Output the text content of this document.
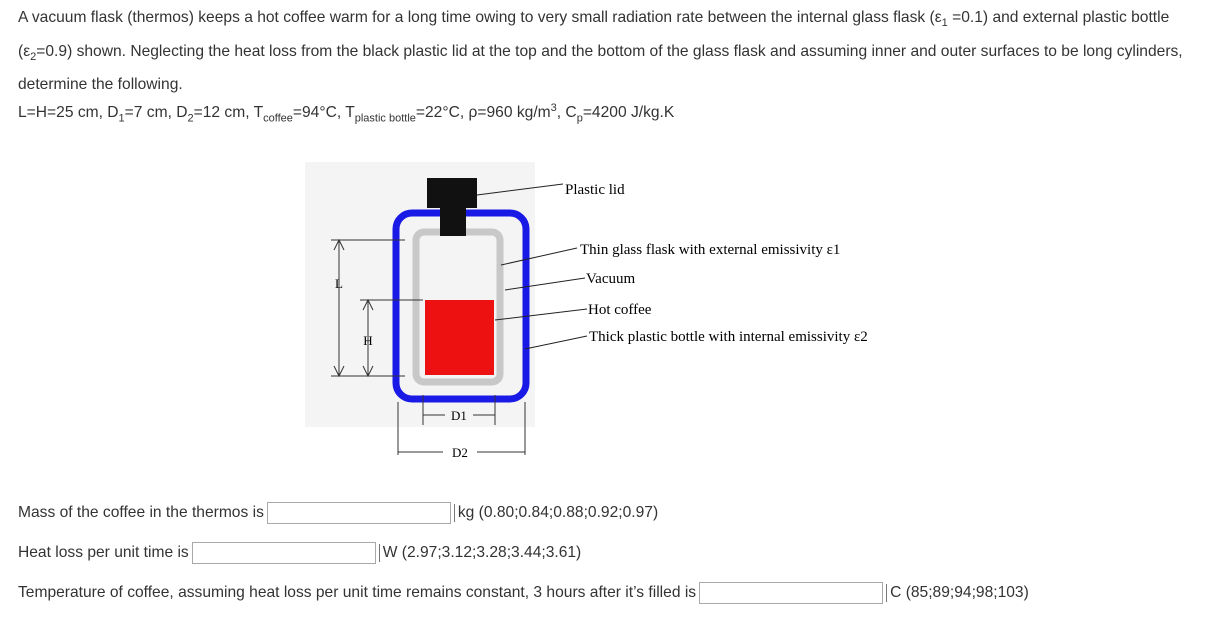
A vacuum flask (thermos) keeps a hot coffee warm for a long time owing to very small radiation rate between the internal glass flask $(\varepsilon_1 =0.1)$ and external plastic bottle $(\varepsilon_2=0.9)$ shown. Neglecting the heat loss from the black plastic lid at the top and the bottom of the glass flask and assuming inner and outer surfaces to be long cylinders, determine the following.
L=H=25 cm, $D_1=7$ cm, $D_2=12$ cm, $T_{coffee}=94^\circ C$, $T_{plastic bottle}=22^\circ C$, ρ=960 $kg/m^3$, $C_p=4200$ J/kg.K
L
H
D1
D2
Plastic lid
Thin glass flask with external emissivity ε1
Vacuum
Hot coffee
Thick plastic bottle with internal emissivity ε2
Mass of the coffee in the thermos is	kg (0.80;0.84;0.88;0.92;0.97)
Heat loss per unit time is	W (2.97;3.12;3.28;3.44;3.61)
Temperature of coffee, assuming heat loss per unit time remains constant, 3 hours after it’s filled is	C (85;89;94;98;103)
